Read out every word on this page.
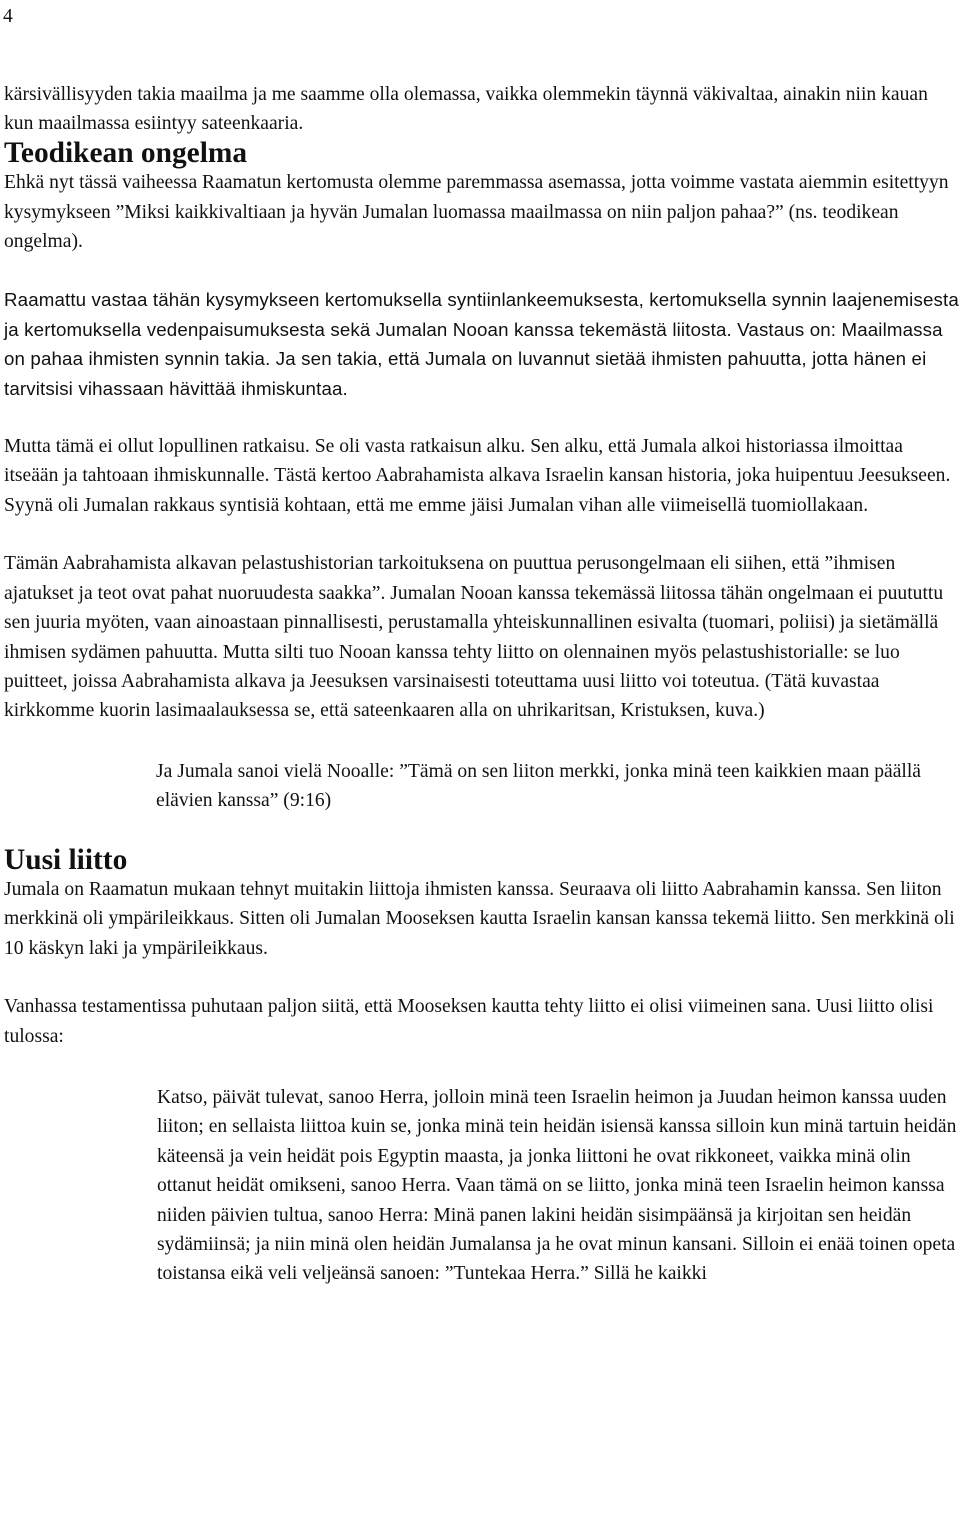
4

kärsivällisyyden takia maailma ja me saamme olla olemassa, vaikka olemmekin täynnä väkivaltaa, ainakin niin kauan kun maailmassa esiintyy sateenkaaria.

Teodikean ongelma

Ehkä nyt tässä vaiheessa Raamatun kertomusta olemme paremmassa asemassa, jotta voimme vastata aiemmin esitettyyn kysymykseen ”Miksi kaikkivaltiaan ja hyvän Jumalan luomassa maailmassa on niin paljon pahaa?” (ns. teodikean ongelma).

Raamattu vastaa tähän kysymykseen kertomuksella syntiinlankeemuksesta, kertomuksella synnin laajenemisesta ja kertomuksella vedenpaisumuksesta sekä Jumalan Nooan kanssa tekemästä liitosta. Vastaus on: Maailmassa on pahaa ihmisten synnin takia. Ja sen takia, että Jumala on luvannut sietää ihmisten pahuutta, jotta hänen ei tarvitsisi vihassaan hävittää ihmiskuntaa.

Mutta tämä ei ollut lopullinen ratkaisu. Se oli vasta ratkaisun alku. Sen alku, että Jumala alkoi historiassa ilmoittaa itseään ja tahtoaan ihmiskunnalle. Tästä kertoo Aabrahamista alkava Israelin kansan historia, joka huipentuu Jeesukseen. Syynä oli Jumalan rakkaus syntisiä kohtaan, että me emme jäisi Jumalan vihan alle viimeisellä tuomiollakaan.

Tämän Aabrahamista alkavan pelastushistorian tarkoituksena on puuttua perusongelmaan eli siihen, että ”ihmisen ajatukset ja teot ovat pahat nuoruudesta saakka”. Jumalan Nooan kanssa tekemässä liitossa tähän ongelmaan ei puututtu sen juuria myöten, vaan ainoastaan pinnallisesti, perustamalla yhteiskunnallinen esivalta (tuomari, poliisi) ja sietämällä ihmisen sydämen pahuutta. Mutta silti tuo Nooan kanssa tehty liitto on olennainen myös pelastushistorialle: se luo puitteet, joissa Aabrahamista alkava ja Jeesuksen varsinaisesti toteuttama uusi liitto voi toteutua. (Tätä kuvastaa kirkkomme kuorin lasimaalauksessa se, että sateenkaaren alla on uhrikaritsan, Kristuksen, kuva.)

Ja Jumala sanoi vielä Nooalle: ”Tämä on sen liiton merkki, jonka minä teen kaikkien maan päällä elävien kanssa” (9:16)

Uusi liitto

Jumala on Raamatun mukaan tehnyt muitakin liittoja ihmisten kanssa. Seuraava oli liitto Aabrahamin kanssa. Sen liiton merkkinä oli ympärileikkaus. Sitten oli Jumalan Mooseksen kautta Israelin kansan kanssa tekemä liitto. Sen merkkinä oli 10 käskyn laki ja ympärileikkaus.

Vanhassa testamentissa puhutaan paljon siitä, että Mooseksen kautta tehty liitto ei olisi viimeinen sana. Uusi liitto olisi tulossa:

Katso, päivät tulevat, sanoo Herra, jolloin minä teen Israelin heimon ja Juudan heimon kanssa uuden liiton; en sellaista liittoa kuin se, jonka minä tein heidän isiensä kanssa silloin kun minä tartuin heidän käteensä ja vein heidät pois Egyptin maasta, ja jonka liittoni he ovat rikkoneet, vaikka minä olin ottanut heidät omikseni, sanoo Herra. Vaan tämä on se liitto, jonka minä teen Israelin heimon kanssa niiden päivien tultua, sanoo Herra: Minä panen lakini heidän sisimpäänsä ja kirjoitan sen heidän sydämiinsä; ja niin minä olen heidän Jumalansa ja he ovat minun kansani. Silloin ei enää toinen opeta toistansa eikä veli veljeänsä sanoen: ”Tuntekaa Herra.” Sillä he kaikki
